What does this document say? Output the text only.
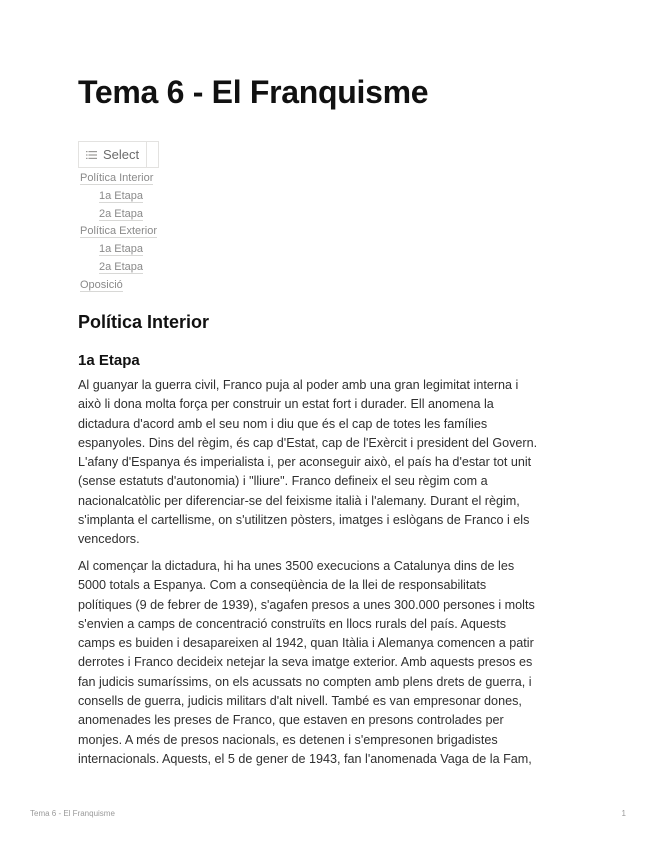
Tema 6 - El Franquisme
Select
Política Interior
1a Etapa
2a Etapa
Política Exterior
1a Etapa
2a Etapa
Oposició
Política Interior
1a Etapa

Al guanyar la guerra civil, Franco puja al poder amb una gran legimitat interna i
això li dona molta força per construir un estat fort i durader. Ell anomena la
dictadura d'acord amb el seu nom i diu que és el cap de totes les famílies
espanyoles. Dins del règim, és cap d'Estat, cap de l'Exèrcit i president del Govern.
L'afany d'Espanya és imperialista i, per aconseguir això, el país ha d'estar tot unit
(sense estatuts d'autonomia) i "lliure". Franco defineix el seu règim com a
nacionalcatòlic per diferenciar-se del feixisme italià i l'alemany. Durant el règim,
s'implanta el cartellisme, on s'utilitzen pòsters, imatges i eslògans de Franco i els
vencedors.

Al començar la dictadura, hi ha unes 3500 execucions a Catalunya dins de les
5000 totals a Espanya. Com a conseqüència de la llei de responsabilitats
polítiques (9 de febrer de 1939), s'agafen presos a unes 300.000 persones i molts
s'envien a camps de concentració construïts en llocs rurals del país. Aquests
camps es buiden i desapareixen al 1942, quan Itàlia i Alemanya comencen a patir
derrotes i Franco decideix netejar la seva imatge exterior. Amb aquests presos es
fan judicis sumaríssims, on els acussats no compten amb plens drets de guerra, i
consells de guerra, judicis militars d'alt nivell. També es van empresonar dones,
anomenades les preses de Franco, que estaven en presons controlades per
monjes. A més de presos nacionals, es detenen i s'empresonen brigadistes
internacionals. Aquests, el 5 de gener de 1943, fan l'anomenada Vaga de la Fam,

Tema 6 - El Franquisme	1
